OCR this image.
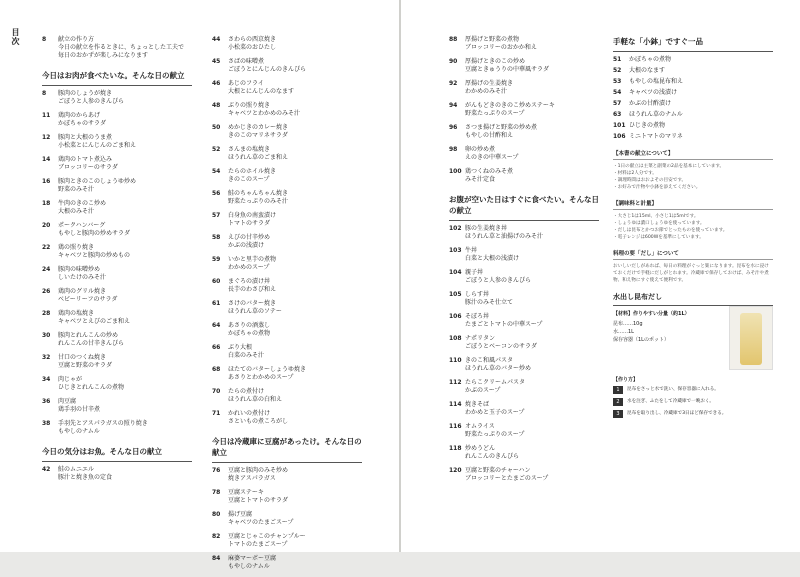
目次	8	献立の作り方
今日の献立を作るときに、ちょっとした工夫で
毎日のおかずが楽しみになります
今日はお肉が食べたいな。そんな日の献立
8	豚肉のしょうが焼き
ごぼうと人参のきんぴら
11	鶏肉のからあげ
かぼちゃのサラダ
12	豚肉と大根のうま煮
小松菜とにんじんのごま和え
14	鶏肉のトマト煮込み
ブロッコリーのサラダ
16	豚肉ときのこのしょうゆ炒め
野菜のみそ汁
18	牛肉のきのこ炒め
大根のみそ汁
20	ポークハンバーグ
もやしと豚肉の炒めサラダ
22	鶏の照り焼き
キャベツと豚肉の炒めもの
24	豚肉の味噌炒め
しいたけのみそ汁
26	鶏肉のグリル焼き
ベビーリーフのサラダ
28	鶏肉の塩焼き
キャベツとえびのごま和え
30	豚肉とれんこんの炒め
れんこんの甘辛きんぴら
32	甘口のつくね焼き
豆腐と野菜のサラダ
34	肉じゃが
ひじきとれんこんの煮物
36	肉豆腐
鶏手羽の甘辛煮
38	手羽先とアスパラガスの照り焼き
もやしのナムル
今日の気分はお魚。そんな日の献立
42	鮭のムニエル
豚汁と焼き魚の定食
44	さわらの西京焼き
小松菜のおひたし
45	さばの味噌煮
ごぼうとにんじんのきんぴら
46	あじのフライ
大根とにんじんのなます
48	ぶりの照り焼き
キャベツとわかめのみそ汁
50	めかじきのカレー焼き
きのこのマリネサラダ
52	さんまの塩焼き
ほうれん草のごま和え
54	たらのホイル焼き
きのこのスープ
56	鮭のちゃんちゃん焼き
野菜たっぷりのみそ汁
57	白身魚の南蛮漬け
トマトのサラダ
58	えびの甘辛炒め
かぶの浅漬け
59	いかと里芋の煮物
わかめのスープ
60	まぐろの漬け丼
長芋のわさび和え
61	さけのバター焼き
ほうれん草のソテー
64	あさりの酒蒸し
かぼちゃの煮物
66	ぶり大根
白菜のみそ汁
68	ほたてのバターしょうゆ焼き
あさりとわかめのスープ
70	たらの煮付け
ほうれん草の白和え
71	かれいの煮付け
さといもの煮ころがし
今日は冷蔵庫に豆腐があったけ。そんな日の献立
76	豆腐と豚肉のみそ炒め
焼きアスパラガス
78	豆腐ステーキ
豆腐とトマトのサラダ
80	揚げ豆腐
キャベツのたまごスープ
82	豆腐とじゃこのチャンプルー
トマトのたまごスープ
84	麻婆マーボー豆腐
もやしのナムル
88	厚揚げと野菜の煮物
ブロッコリーのおかか和え
90	厚揚げときのこの炒め
豆腐ときゅうりの中華風サラダ
92	厚揚げの生姜焼き
わかめのみそ汁
94	がんもどきのきのこ炒めステーキ
野菜たっぷりのスープ
96	さつま揚げと野菜の炒め煮
もやしの甘酢和え
98	卵の炒め煮
えのきの中華スープ
100 鶏つくねのみそ煮
みそ汁定食
お腹が空いた日はすぐに食べたい。そんな日の献立
102 豚の生姜焼き丼
ほうれん草と油揚げのみそ汁
103 牛丼
白菜と大根の浅漬け
104 親子丼
ごぼうと人参のきんぴら
105 しらす丼
豚汁のみそ仕立て
106 そぼろ丼
たまごとトマトの中華スープ
108 ナポリタン
ごぼうとベーコンのサラダ
110 きのこ和風パスタ
ほうれん草のバター炒め
112 たらこクリームパスタ
かぶのスープ
114 焼きそば
わかめと玉子のスープ
116 オムライス
野菜たっぷりのスープ
118 炒めうどん
れんこんのきんぴら
120 豆腐と野菜のチャーハン
ブロッコリーとたまごのスープ
手軽な「小鉢」ですぐ一品
51	かぼちゃの煮物
52	大根のなます
53	もやしの塩昆布和え
54	キャベツの浅漬け
57	かぶの甘酢漬け
63	ほうれん草のナムル
101 ひじきの煮物
106 ミニトマトのマリネ
【本書の献立について】
・1日の献立は主菜と副菜の2品を基本にしています。
・材料は2人分です。
・調理時間はおおよその目安です。
・お好みで汁物や小鉢を添えてください。
【調味料と計量】
・大さじ1は15ml、小さじ1は5mlです。
・しょうゆは濃口しょうゆを使っています。
・だしは昆布とかつお節でとったものを使っています。
・電子レンジは600Wを基準にしています。
料理の要「だし」について
おいしいだしがあれば、毎日の料理がぐっと楽になります。昆布を水に浸けておくだけで手軽にだしがとれます。冷蔵庫で保存しておけば、みそ汁や煮物、和え物にすぐ使えて便利です。
水出し昆布だし
【材料】作りやすい分量（約1L）
昆布……10g
水……1L
保存容器（1Lのポット）
【作り方】
1	昆布をさっと水で洗い、保存容器に入れる。
2	水を注ぎ、ふたをして冷蔵庫で一晩おく。
3	昆布を取り出し、冷蔵庫で3日ほど保存できる。
